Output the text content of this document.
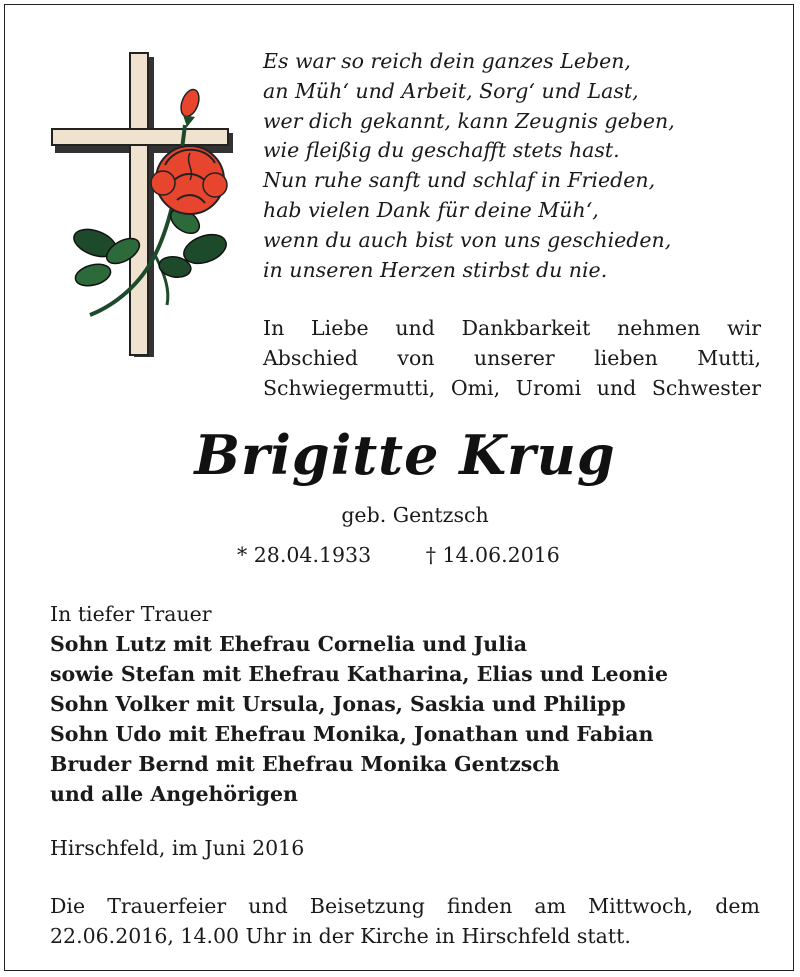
Es war so reich dein ganzes Leben,
an Müh‘ und Arbeit, Sorg‘ und Last,
wer dich gekannt, kann Zeugnis geben,
wie fleißig du geschafft stets hast.
Nun ruhe sanft und schlaf in Frieden,
hab vielen Dank für deine Müh‘,
wenn du auch bist von uns geschieden,
in unseren Herzen stirbst du nie.
In Liebe und Dankbarkeit nehmen wir
Abschied von unserer lieben Mutti,
Schwiegermutti, Omi, Uromi und Schwester
Brigitte Krug
geb. Gentzsch
* 28.04.1933	† 14.06.2016
In tiefer Trauer
Sohn Lutz mit Ehefrau Cornelia und Julia
sowie Stefan mit Ehefrau Katharina, Elias und Leonie
Sohn Volker mit Ursula, Jonas, Saskia und Philipp
Sohn Udo mit Ehefrau Monika, Jonathan und Fabian
Bruder Bernd mit Ehefrau Monika Gentzsch
und alle Angehörigen
Hirschfeld, im Juni 2016
Die Trauerfeier und Beisetzung finden am Mittwoch, dem
22.06.2016, 14.00 Uhr in der Kirche in Hirschfeld statt.
